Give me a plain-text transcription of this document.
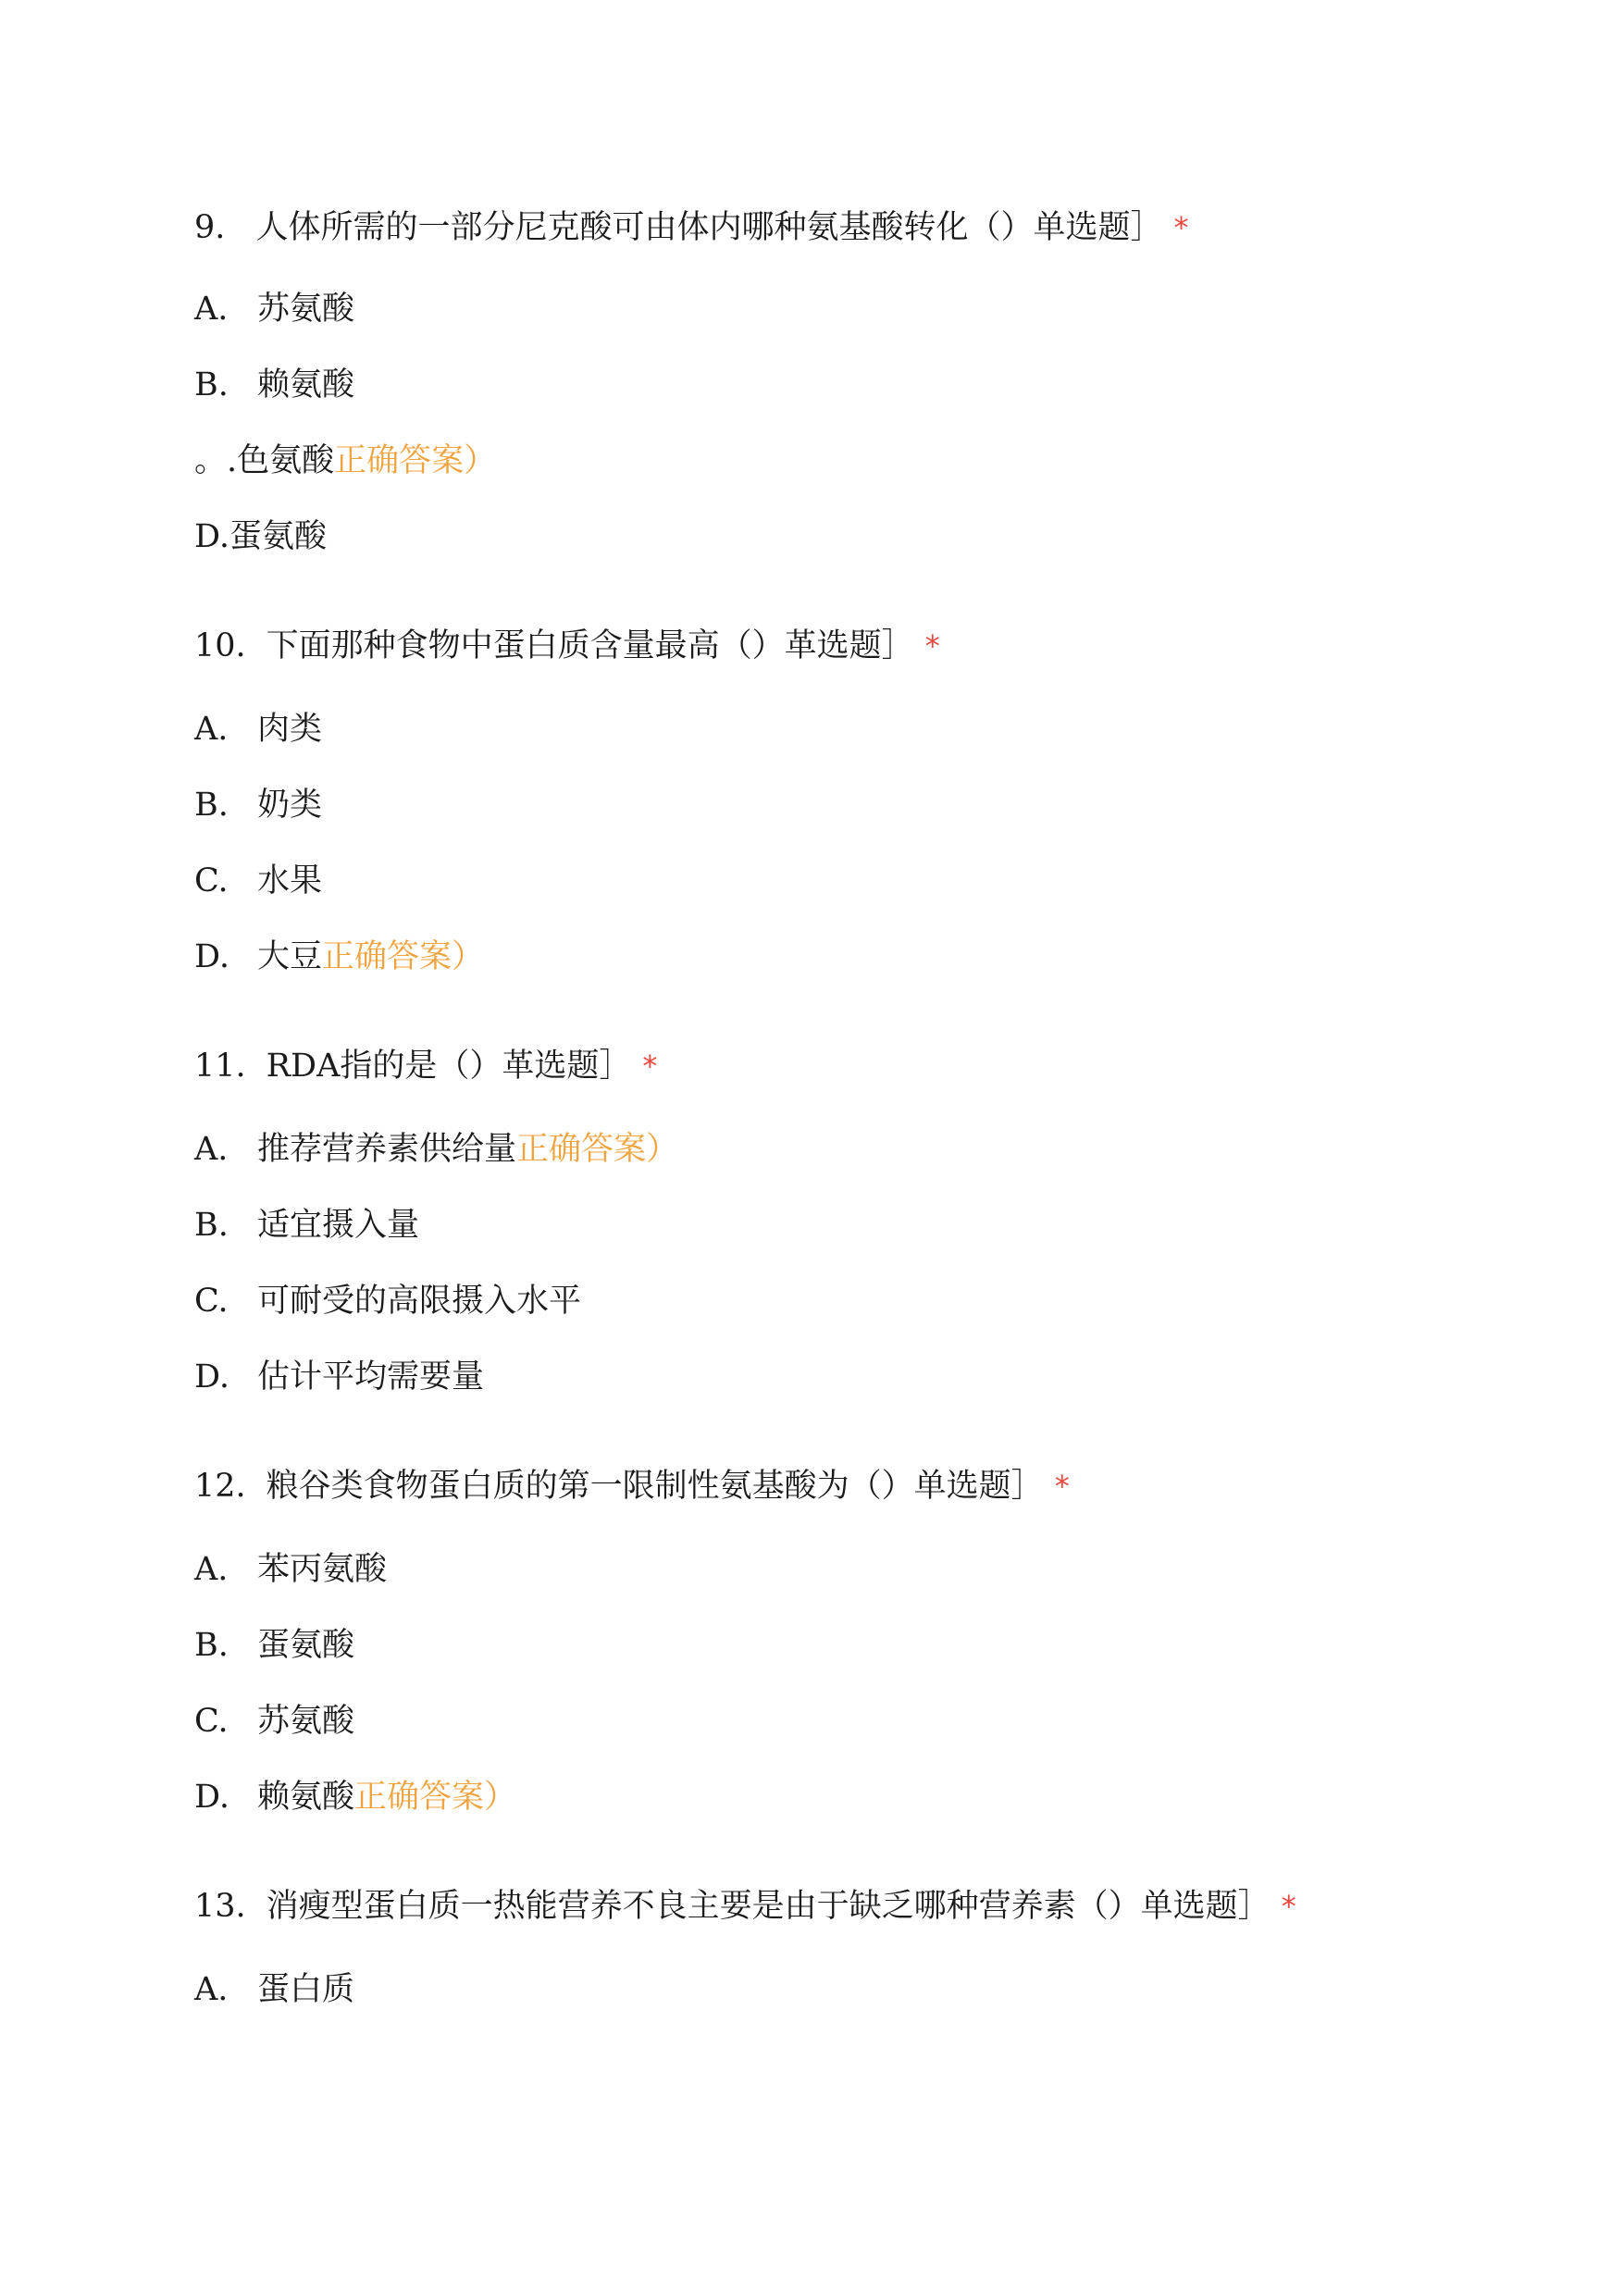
9. 人体所需的一部分尼克酸可由体内哪种氨基酸转化（）单选题］ *
A. 苏氨酸
B. 赖氨酸
。.色氨酸正确答案）
D.蛋氨酸
10. 下面那种食物中蛋白质含量最高（）革选题］ *
A. 肉类
B. 奶类
C. 水果
D. 大豆正确答案）
11. RDA指的是（）革选题］ *
A. 推荐营养素供给量正确答案）
B. 适宜摄入量
C. 可耐受的高限摄入水平
D. 估计平均需要量
12. 粮谷类食物蛋白质的第一限制性氨基酸为（）单选题］ *
A. 苯丙氨酸
B. 蛋氨酸
C. 苏氨酸
D. 赖氨酸正确答案）
13. 消瘦型蛋白质一热能营养不良主要是由于缺乏哪种营养素（）单选题］ *
A. 蛋白质
